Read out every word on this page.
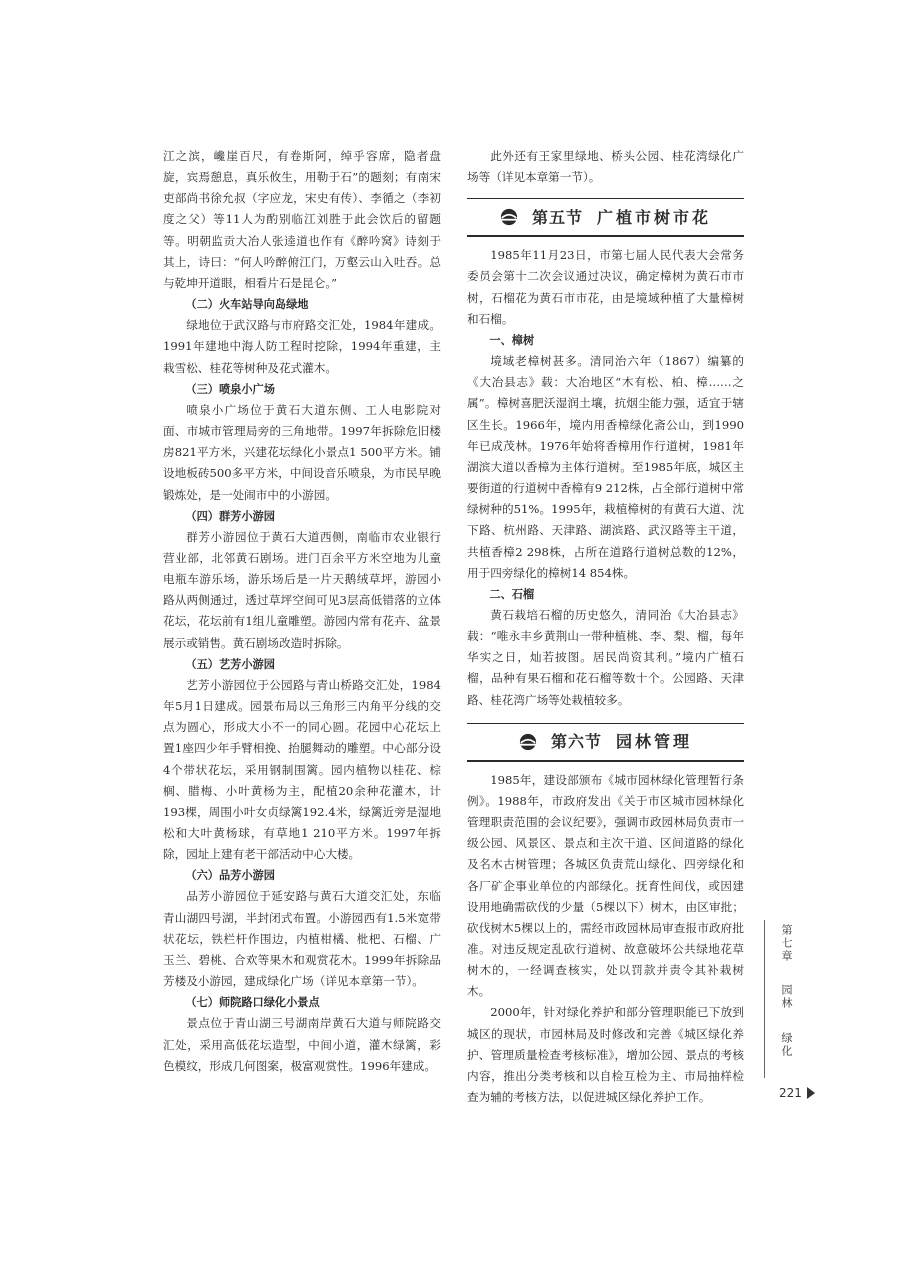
江之滨，巉崖百尺，有卷斯阿，绰乎容席，隐者盘旋，宾焉憩息，真乐攸生，用勒于石”的题刻；有南宋吏部尚书徐允叔（字应龙，宋史有传）、李循之（李初度之父）等11人为酌别临江刘胜于此会饮后的留题等。明朝监贡大冶人张逵道也作有《醉吟窝》诗刻于其上，诗曰：“何人吟醉俯江门，万壑云山入吐吞。总与乾坤开道眼，相看片石是昆仑。”

（二）火车站导向岛绿地

绿地位于武汉路与市府路交汇处，1984年建成。1991年建地中海人防工程时挖除，1994年重建，主栽雪松、桂花等树种及花式灌木。

（三）喷泉小广场

喷泉小广场位于黄石大道东侧、工人电影院对面、市城市管理局旁的三角地带。1997年拆除危旧楼房821平方米，兴建花坛绿化小景点1 500平方米。铺设地板砖500多平方米，中间设音乐喷泉，为市民早晚锻炼处，是一处闹市中的小游园。

（四）群芳小游园

群芳小游园位于黄石大道西侧，南临市农业银行营业部，北邻黄石剧场。进门百余平方米空地为儿童电瓶车游乐场，游乐场后是一片天鹅绒草坪，游园小路从两侧通过，透过草坪空间可见3层高低错落的立体花坛，花坛前有1组儿童雕塑。游园内常有花卉、盆景展示或销售。黄石剧场改造时拆除。

（五）艺芳小游园

艺芳小游园位于公园路与青山桥路交汇处，1984年5月1日建成。园景布局以三角形三内角平分线的交点为圆心，形成大小不一的同心圆。花园中心花坛上置1座四少年手臂相挽、抬腿舞动的雕塑。中心部分设4个带状花坛，采用钢制围篱。园内植物以桂花、棕榈、腊梅、小叶黄杨为主，配植20余种花灌木，计193棵，周围小叶女贞绿篱192.4米，绿篱近旁是湿地松和大叶黄杨球，有草地1 210平方米。1997年拆除，园址上建有老干部活动中心大楼。

（六）品芳小游园

品芳小游园位于延安路与黄石大道交汇处，东临青山湖四号湖，半封闭式布置。小游园西有1.5米宽带状花坛，铁栏杆作围边，内植柑橘、枇杷、石榴、广玉兰、碧桃、合欢等果木和观赏花木。1999年拆除品芳楼及小游园，建成绿化广场（详见本章第一节）。

（七）师院路口绿化小景点

景点位于青山湖三号湖南岸黄石大道与师院路交汇处，采用高低花坛造型，中间小道，灌木绿篱，彩色模纹，形成几何图案，极富观赏性。1996年建成。

此外还有王家里绿地、桥头公园、桂花湾绿化广场等（详见本章第一节）。

第五节 广植市树市花

1985年11月23日，市第七届人民代表大会常务委员会第十二次会议通过决议，确定樟树为黄石市市树，石榴花为黄石市市花，由是境域种植了大量樟树和石榴。

一、樟树

境域老樟树甚多。清同治六年（1867）编纂的《大冶县志》载：大冶地区“木有松、柏、樟……之属”。樟树喜肥沃湿润土壤，抗烟尘能力强，适宜于辖区生长。1966年，境内用香樟绿化斋公山，到1990年已成茂林。1976年始将香樟用作行道树，1981年湖滨大道以香樟为主体行道树。至1985年底，城区主要街道的行道树中香樟有9 212株，占全部行道树中常绿树种的51%。1995年，栽植樟树的有黄石大道、沈下路、杭州路、天津路、湖滨路、武汉路等主干道，共植香樟2 298株，占所在道路行道树总数的12%，用于四旁绿化的樟树14 854株。

二、石榴

黄石栽培石榴的历史悠久，清同治《大冶县志》载：“唯永丰乡黄荆山一带种植桃、李、梨、榴，每年华实之日，灿若披图。居民尚资其利。”境内广植石榴，品种有果石榴和花石榴等数十个。公园路、天津路、桂花湾广场等处栽植较多。

第六节 园林管理

1985年，建设部颁布《城市园林绿化管理暂行条例》。1988年，市政府发出《关于市区城市园林绿化管理职责范围的会议纪要》，强调市政园林局负责市一级公园、风景区、景点和主次干道、区间道路的绿化及名木古树管理；各城区负责荒山绿化、四旁绿化和各厂矿企事业单位的内部绿化。抚育性间伐，或因建设用地确需砍伐的少量（5棵以下）树木，由区审批；砍伐树木5棵以上的，需经市政园林局审查报市政府批准。对违反规定乱砍行道树、故意破坏公共绿地花草树木的，一经调查核实，处以罚款并责令其补栽树木。

2000年，针对绿化养护和部分管理职能已下放到城区的现状，市园林局及时修改和完善《城区绿化养护、管理质量检查考核标准》，增加公园、景点的考核内容，推出分类考核和以自检互检为主、市局抽样检查为辅的考核方法，以促进城区绿化养护工作。

第七章
园林
绿化
221
